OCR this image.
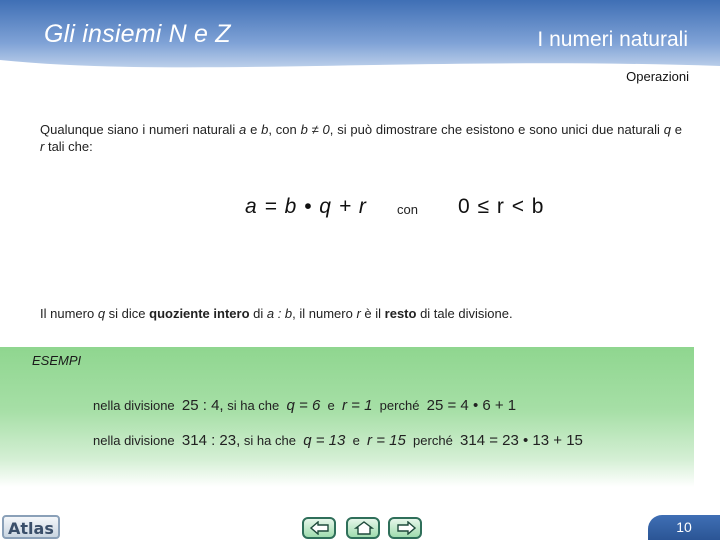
Gli insiemi N e Z	I numeri naturali
Operazioni
Qualunque siano i numeri naturali a e b, con b ≠ 0, si può dimostrare che esistono e sono unici due naturali q e r tali che:
a = b • q + r con 0 ≤ r < b
Il numero q si dice quoziente intero di a : b, il numero r è il resto di tale divisione.
ESEMPI
nella divisione 25 : 4, si ha che q = 6 e r = 1 perché 25 = 4 • 6 + 1
nella divisione 314 : 23, si ha che q = 13 e r = 15 perché 314 = 23 • 13 + 15
Atlas	10
